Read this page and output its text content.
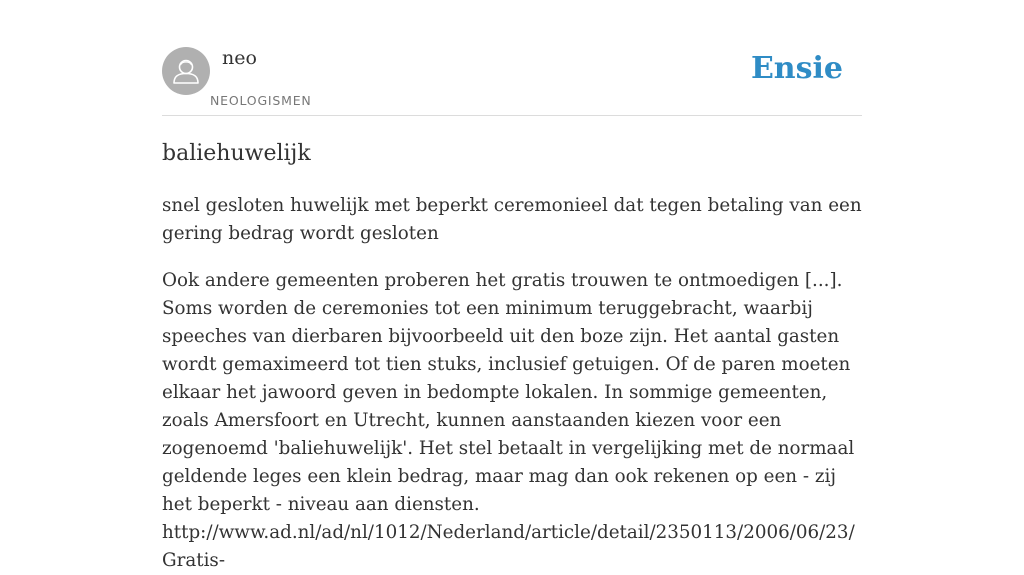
neo
NEOLOGISMEN
Ensie
baliehuwelijk

snel gesloten huwelijk met beperkt ceremonieel dat tegen betaling van een gering bedrag wordt gesloten

Ook andere gemeenten proberen het gratis trouwen te ontmoedigen [...]. Soms worden de ceremonies tot een minimum teruggebracht, waarbij speeches van dierbaren bijvoorbeeld uit den boze zijn. Het aantal gasten wordt gemaximeerd tot tien stuks, inclusief getuigen. Of de paren moeten elkaar het jawoord geven in bedompte lokalen. In sommige gemeenten, zoals Amersfoort en Utrecht, kunnen aanstaanden kiezen voor een zogenoemd 'baliehuwelijk'. Het stel betaalt in vergelijking met de normaal geldende leges een klein bedrag, maar mag dan ook rekenen op een - zij het beperkt - niveau aan diensten. http://www.ad.nl/ad/nl/1012/Nederland/article/detail/2350113/2006/06/23/Gratis-
